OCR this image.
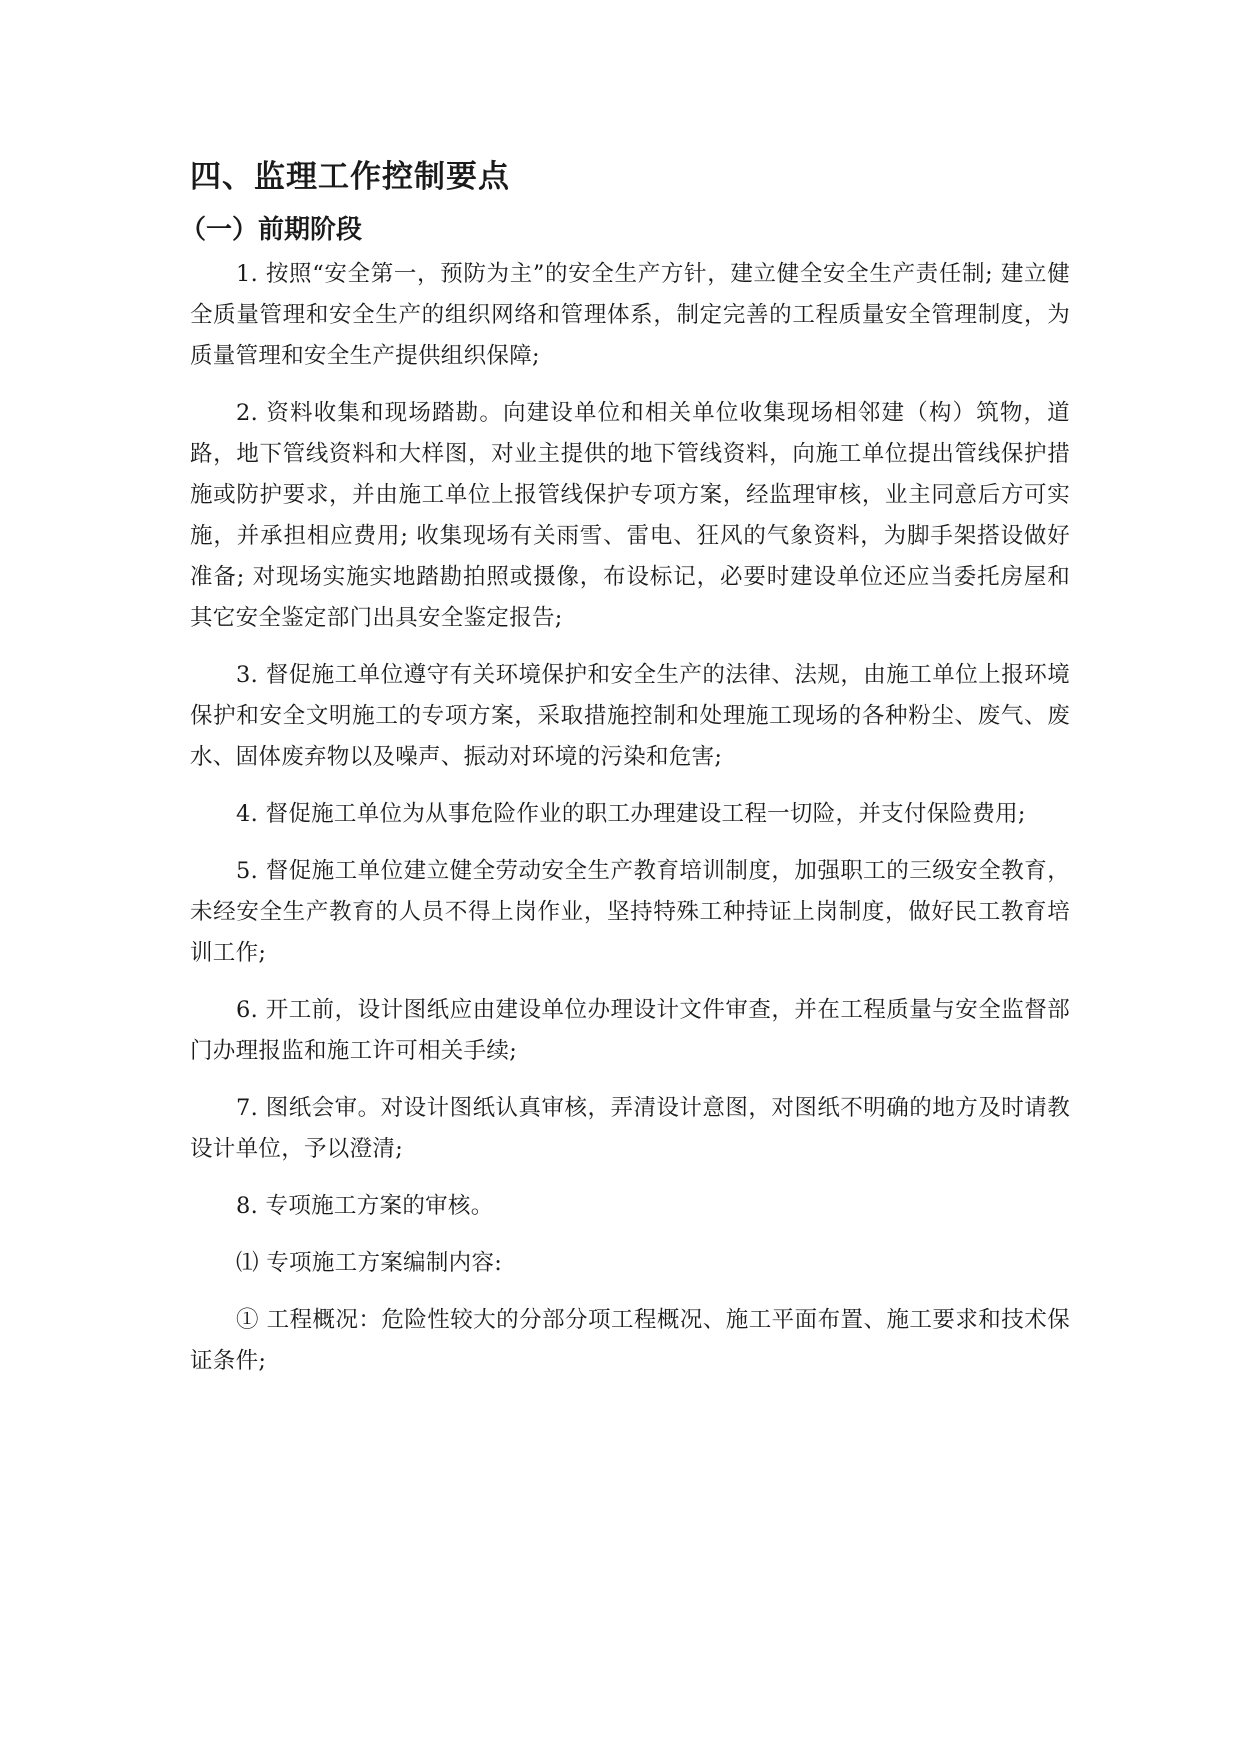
四、监理工作控制要点
（一）前期阶段

1. 按照“安全第一，预防为主”的安全生产方针，建立健全安全生产责任制; 建立健全质量管理和安全生产的组织网络和管理体系，制定完善的工程质量安全管理制度，为质量管理和安全生产提供组织保障;

2. 资料收集和现场踏勘。向建设单位和相关单位收集现场相邻建（构）筑物，道路，地下管线资料和大样图，对业主提供的地下管线资料，向施工单位提出管线保护措施或防护要求，并由施工单位上报管线保护专项方案，经监理审核，业主同意后方可实施，并承担相应费用; 收集现场有关雨雪、雷电、狂风的气象资料，为脚手架搭设做好准备; 对现场实施实地踏勘拍照或摄像，布设标记，必要时建设单位还应当委托房屋和其它安全鉴定部门出具安全鉴定报告;

3. 督促施工单位遵守有关环境保护和安全生产的法律、法规，由施工单位上报环境保护和安全文明施工的专项方案，采取措施控制和处理施工现场的各种粉尘、废气、废水、固体废弃物以及噪声、振动对环境的污染和危害;

4. 督促施工单位为从事危险作业的职工办理建设工程一切险，并支付保险费用;

5. 督促施工单位建立健全劳动安全生产教育培训制度，加强职工的三级安全教育，未经安全生产教育的人员不得上岗作业，坚持特殊工种持证上岗制度，做好民工教育培训工作;

6. 开工前，设计图纸应由建设单位办理设计文件审查，并在工程质量与安全监督部门办理报监和施工许可相关手续;

7. 图纸会审。对设计图纸认真审核，弄清设计意图，对图纸不明确的地方及时请教设计单位，予以澄清;

8. 专项施工方案的审核。

⑴ 专项施工方案编制内容:

① 工程概况：危险性较大的分部分项工程概况、施工平面布置、施工要求和技术保证条件;
